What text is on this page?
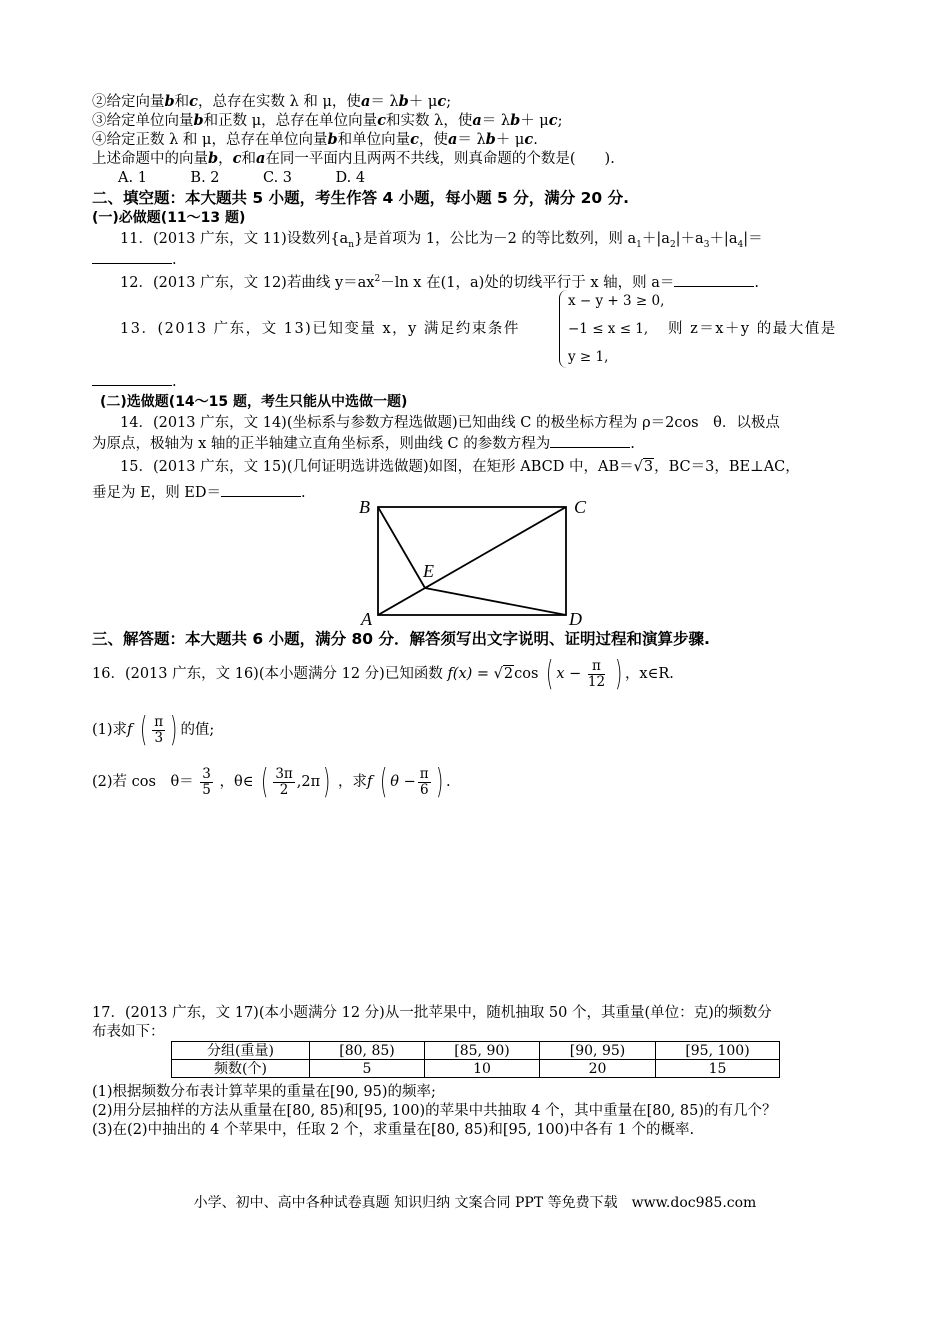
②给定向量b和c，总存在实数 λ 和 μ，使a＝ λb＋ μc;
③给定单位向量b和正数 μ，总存在单位向量c和实数 λ，使a＝ λb＋ μc;
④给定正数 λ 和 μ，总存在单位向量b和单位向量c，使a＝ λb＋ μc.
上述命题中的向量b，c和a在同一平面内且两两不共线，则真命题的个数是(　　).
A. 1　　　B. 2　　　C. 3　　　D. 4
二、填空题：本大题共 5 小题，考生作答 4 小题，每小题 5 分，满分 20 分.
(一)必做题(11～13 题)
11．(2013 广东，文 11)设数列$\{a_n\}$是首项为 1，公比为－2 的等比数列，则 $a_1+|a_2|+a_3+|a_4|=$
.
12．(2013 广东，文 12)若曲线 $y=ax^2-\ln$ x 在(1，a)处的切线平行于 x 轴，则 a＝	.
13．(2013 广东，文 13)已知变量 x，y 满足约束条件
x − y + 3 ≥ 0,
−1 ≤ x ≤ 1,
y ≥ 1,
则 z＝x＋y 的最大值是
.
(二)选做题(14～15 题，考生只能从中选做一题)
14．(2013 广东，文 14)(坐标系与参数方程选做题)已知曲线 C 的极坐标方程为 ρ＝2cos　θ．以极点
为原点，极轴为 x 轴的正半轴建立直角坐标系，则曲线 C 的参数方程为	.
15．(2013 广东，文 15)(几何证明选讲选做题)如图，在矩形 ABCD 中，AB＝√3，BC＝3，BE⊥AC，
垂足为 E，则 ED＝	.
B	C
E
A	D
三、解答题：本大题共 6 小题，满分 80 分．解答须写出文字说明、证明过程和演算步骤.
16．(2013 广东，文 16)(本小题满分 12 分)已知函数 f(x) = √2cos ( $x - \frac{\pi}{12}$ ) ，x∈R.
(1)求f ( $\frac{\pi}{3}$ ) 的值;
(2)若 cos　$\theta= \frac{3}{5}$ ，θ∈ ( $\frac{3\pi}{2} ,2\pi$) ，求f ( $\theta - \frac{\pi}{6}$ ) .
17．(2013 广东，文 17)(本小题满分 12 分)从一批苹果中，随机抽取 50 个，其重量(单位：克)的频数分
布表如下：
分组(重量)	[80, 85)	[85, 90)	[90, 95)	[95, 100)
频数(个)	5	10	20	15
(1)根据频数分布表计算苹果的重量在[90, 95)的频率;
(2)用分层抽样的方法从重量在[80, 85)和[95, 100)的苹果中共抽取 4 个，其中重量在[80, 85)的有几个？
(3)在(2)中抽出的 4 个苹果中，任取 2 个，求重量在[80, 85)和[95, 100)中各有 1 个的概率.
小学、初中、高中各种试卷真题 知识归纳 文案合同 PPT 等免费下载　www.doc985.com
